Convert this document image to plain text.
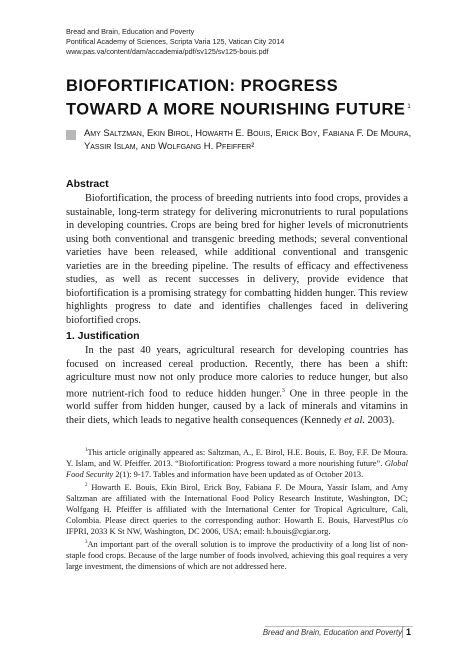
Bread and Brain, Education and Poverty
Pontifical Academy of Sciences, Scripta Varia 125, Vatican City 2014
www.pas.va/content/dam/accademia/pdf/sv125/sv125-bouis.pdf
BIOFORTIFICATION: PROGRESS
TOWARD A MORE NOURISHING FUTURE $^1$
Amy Saltzman, Ekin Birol, Howarth E. Bouis, Erick Boy, Fabiana F. De Moura, Yassir Islam, and Wolfgang H. Pfeiffer²
Abstract
Biofortification, the process of breeding nutrients into food crops, provides a sustainable, long-term strategy for delivering micronutrients to rural populations in developing countries. Crops are being bred for higher levels of micronutrients using both conventional and transgenic breeding methods; several conventional varieties have been released, while additional conventional and transgenic varieties are in the breeding pipeline. The results of efficacy and effectiveness studies, as well as recent successes in delivery, provide evidence that biofortification is a promising strategy for combatting hidden hunger. This review highlights progress to date and identifies challenges faced in delivering biofortified crops.
1. Justification
In the past 40 years, agricultural research for developing countries has focused on increased cereal production. Recently, there has been a shift: agriculture must now not only produce more calories to reduce hunger, but also more nutrient-rich food to reduce hidden hunger.$^3$ One in three people in the world suffer from hidden hunger, caused by a lack of minerals and vitamins in their diets, which leads to negative health consequences (Kennedy et al. 2003).

$^1$This article originally appeared as: Saltzman, A., E. Birol, H.E. Bouis, E. Boy, F.F. De Moura. Y. Islam, and W. Pfeiffer. 2013. “Biofortification: Progress toward a more nourishing future”. Global Food Security 2(1): 9-17. Tables and information have been updated as of October 2013.

$^2$ Howarth E. Bouis, Ekin Birol, Erick Boy, Fabiana F. De Moura, Yassir Islam, and Amy Saltzman are affiliated with the International Food Policy Research Institute, Washington, DC; Wolfgang H. Pfeiffer is affiliated with the International Center for Tropical Agriculture, Cali, Colombia. Please direct queries to the corresponding author: Howarth E. Bouis, HarvestPlus c/o IFPRI, 2033 K St NW, Washington, DC 2006, USA; email: h.bouis@cgiar.org.

$^3$An important part of the overall solution is to improve the productivity of a long list of non-staple food crops. Because of the large number of foods involved, achieving this goal requires a very large investment, the dimensions of which are not addressed here.

Bread and Brain, Education and Poverty 1
